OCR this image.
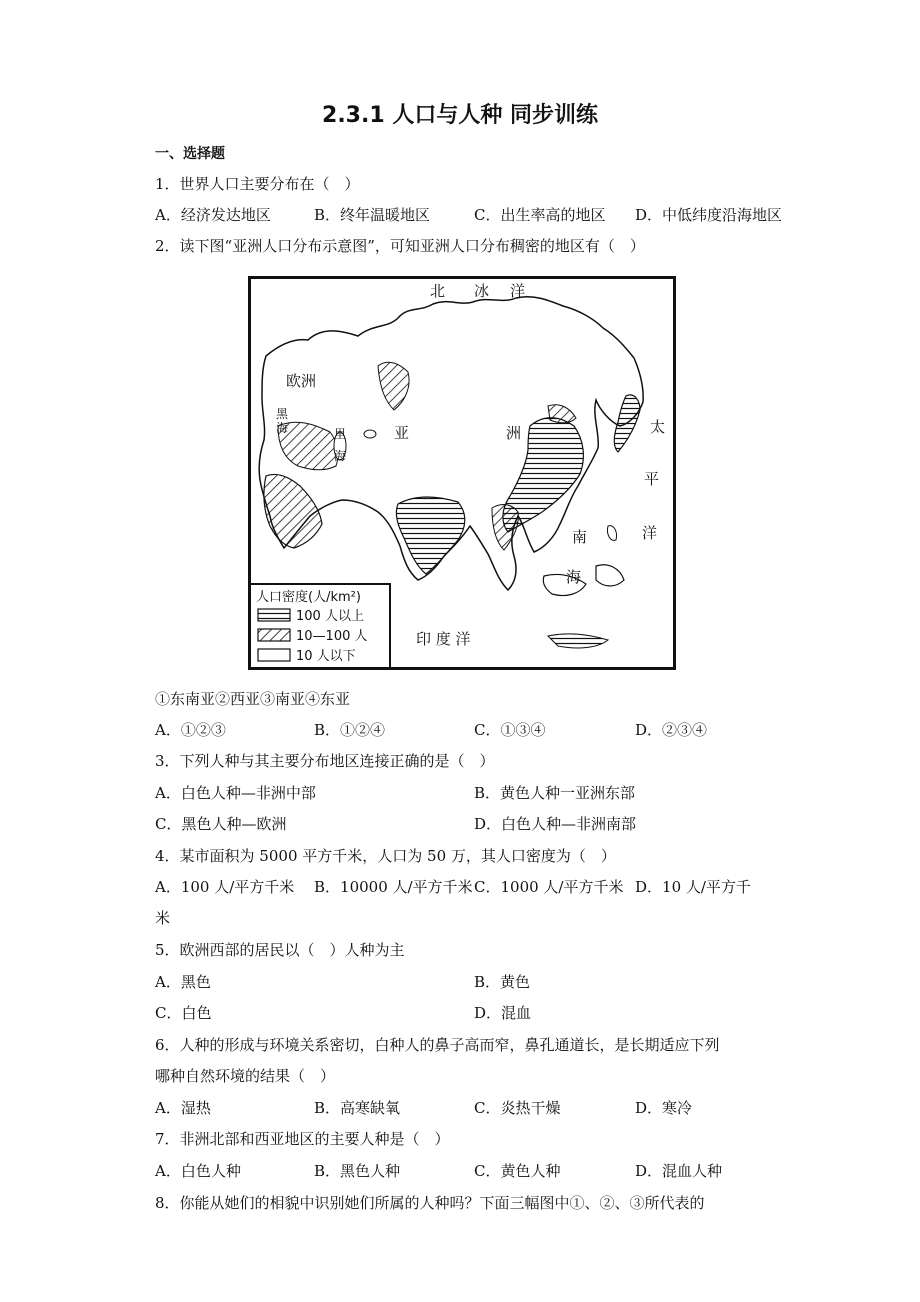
2.3.1 人口与人种 同步训练
一、选择题
1．世界人口主要分布在（　）
A．经济发达地区	B．终年温暖地区	C．出生率高的地区 D．中低纬度沿海地区
2．读下图“亚洲人口分布示意图”，可知亚洲人口分布稠密的地区有（　）
北 冰 洋
欧洲
黑
海	里
海
亚	洲	太
平
洋
南
海
印 度 洋
人口密度(人/km²)
100 人以上
10—100 人
10 人以下
①东南亚②西亚③南亚④东亚
A．①②③	B．①②④	C．①③④	D．②③④
3．下列人种与其主要分布地区连接正确的是（　）
A．白色人种—非洲中部	B．黄色人种一亚洲东部
C．黑色人种—欧洲	D．白色人种—非洲南部
4．某市面积为 5000 平方千米，人口为 50 万，其人口密度为（　）
A．100 人/平方千米 B．10000 人/平方千米 C．1000 人/平方千米 D．10 人/平方千
米
5．欧洲西部的居民以（　）人种为主
A．黑色	B．黄色
C．白色	D．混血
6．人种的形成与环境关系密切，白种人的鼻子高而窄，鼻孔通道长，是长期适应下列
哪种自然环境的结果（　）
A．湿热	B．高寒缺氧	C．炎热干燥	D．寒冷
7．非洲北部和西亚地区的主要人种是（　）
A．白色人种	B．黑色人种	C．黄色人种	D．混血人种
8．你能从她们的相貌中识别她们所属的人种吗？下面三幅图中①、②、③所代表的
